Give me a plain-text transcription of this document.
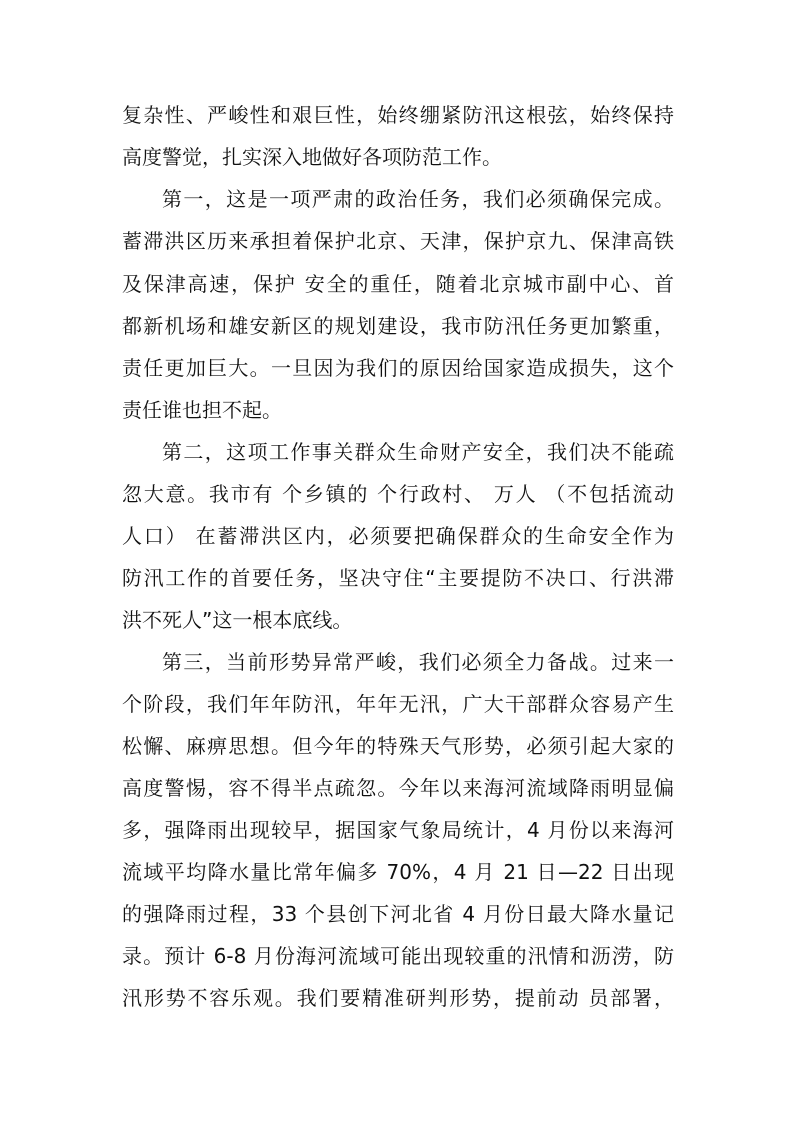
复杂性、严峻性和艰巨性，始终绷紧防汛这根弦，始终保持
高度警觉，扎实深入地做好各项防范工作。
第一，这是一项严肃的政治任务，我们必须确保完成。
蓄滞洪区历来承担着保护北京、天津，保护京九、保津高铁
及保津高速，保护 安全的重任，随着北京城市副中心、首
都新机场和雄安新区的规划建设，我市防汛任务更加繁重，
责任更加巨大。一旦因为我们的原因给国家造成损失，这个
责任谁也担不起。
第二，这项工作事关群众生命财产安全，我们决不能疏
忽大意。我市有 个乡镇的 个行政村、 万人 （不包括流动
人口） 在蓄滞洪区内，必须要把确保群众的生命安全作为
防汛工作的首要任务，坚决守住“主要提防不决口、行洪滞
洪不死人”这一根本底线。
第三，当前形势异常严峻，我们必须全力备战。过来一
个阶段，我们年年防汛，年年无汛，广大干部群众容易产生
松懈、麻痹思想。但今年的特殊天气形势，必须引起大家的
高度警惕，容不得半点疏忽。今年以来海河流域降雨明显偏
多，强降雨出现较早，据国家气象局统计，4 月份以来海河
流域平均降水量比常年偏多 70%，4 月 21 日—22 日出现
的强降雨过程，33 个县创下河北省 4 月份日最大降水量记
录。预计 6-8 月份海河流域可能出现较重的汛情和沥涝，防
汛形势不容乐观。我们要精准研判形势，提前动 员部署，
